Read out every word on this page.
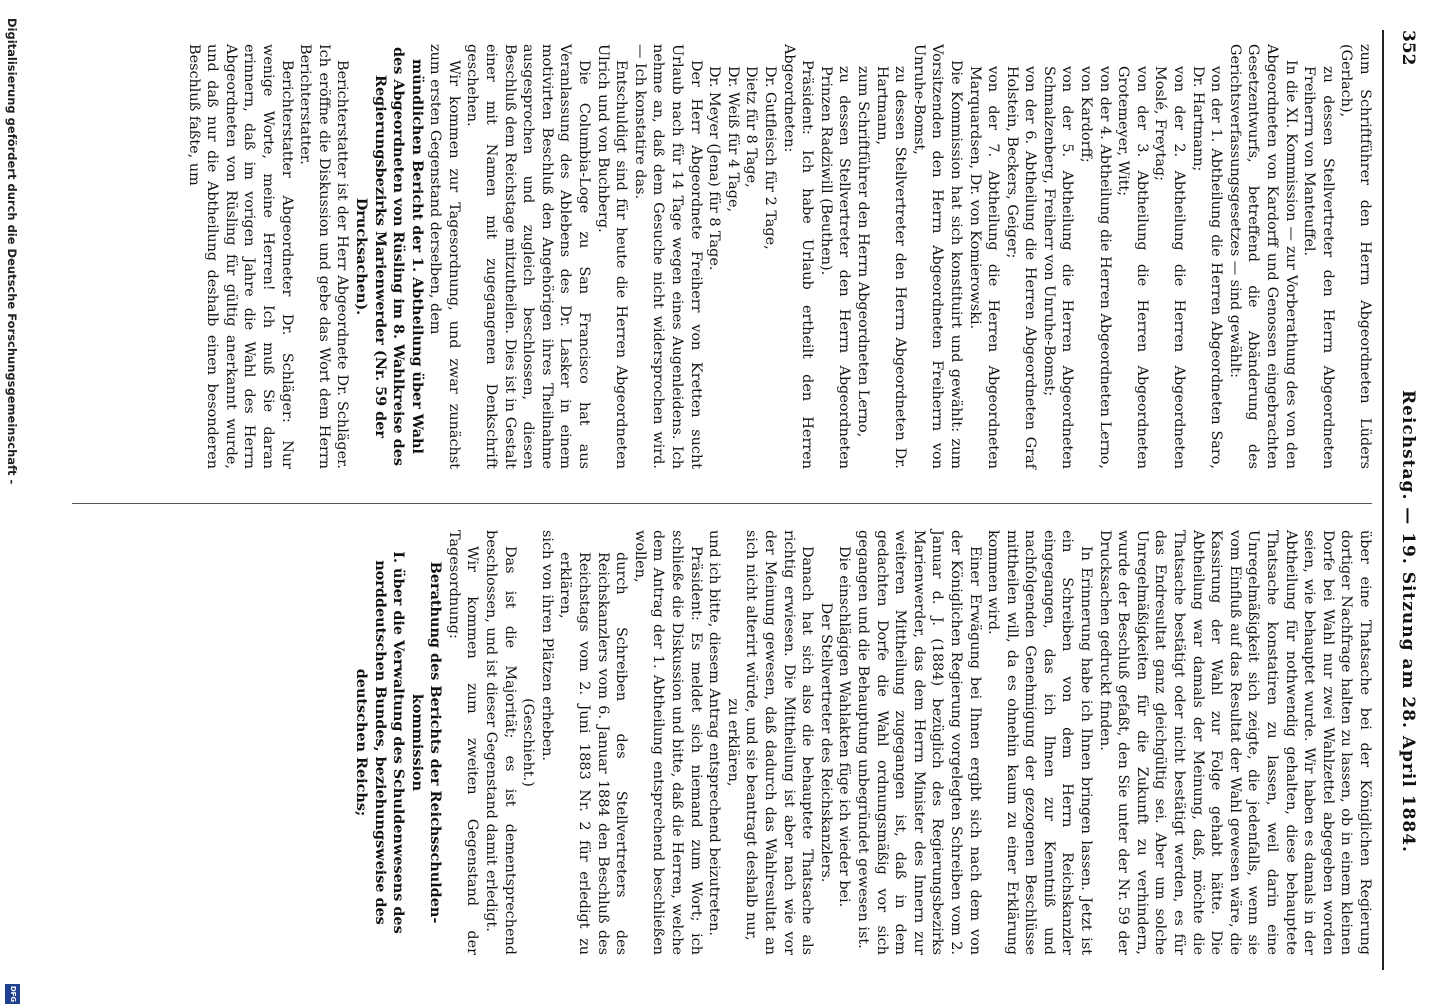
352
Reichstag. — 19. Sitzung am 28. April 1884.

zum Schriftführer den Herrn Abgeordneten Lüders (Gerlach),

zu dessen Stellvertreter den Herrn Abgeordneten Freiherrn von Manteuffel.

In die XI. Kommission — zur Vorberathung des von den Abgeordneten von Kardorff und Genossen eingebrachten Gesetzentwurfs, betreffend die Abänderung des Gerichtsverfassungsgesetzes — sind gewählt:

von der 1. Abtheilung die Herren Abgeordneten Saro, Dr. Hartmann;

von der 2. Abtheilung die Herren Abgeordneten Moslé, Freytag;

von der 3. Abtheilung die Herren Abgeordneten Grotemeyer, Witt;

von der 4. Abtheilung die Herren Abgeordneten Lerno, von Kardorff;

von der 5. Abtheilung die Herren Abgeordneten Schmalzenberg, Freiherr von Unruhe-Bomst;

von der 6. Abtheilung die Herren Abgeordneten Graf Holstein, Beckers, Geiger;

von der 7. Abtheilung die Herren Abgeordneten Marquardsen, Dr. von Komierowski.

Die Kommission hat sich konstituirt und gewählt: zum Vorsitzenden den Herrn Abgeordneten Freiherrn von Unruhe-Bomst,

zu dessen Stellvertreter den Herrn Abgeordneten Dr. Hartmann,

zum Schriftführer den Herrn Abgeordneten Lerno,

zu dessen Stellvertreter den Herrn Abgeordneten Prinzen Radziwill (Beuthen).

Präsident: Ich habe Urlaub ertheilt den Herren Abgeordneten:

Dr. Gutfleisch für 2 Tage,

Dietz für 8 Tage,

Dr. Weiß für 4 Tage,

Dr. Meyer (Jena) für 8 Tage.

Der Herr Abgeordnete Freiherr von Kretten sucht Urlaub nach für 14 Tage wegen eines Augenleidens. Ich nehme an, daß dem Gesuche nicht widersprochen wird. — Ich konstatire das.

Entschuldigt sind für heute die Herren Abgeordneten Ulrich und von Buchberg.

Die Columbia-Loge zu San Francisco hat aus Veranlassung des Ablebens des Dr. Lasker in einem motivirten Beschluß den Angehörigen ihres Theilnahme ausgesprochen und zugleich beschlossen, diesen Beschluß dem Reichstage mitzutheilen. Dies ist in Gestalt einer mit Namen mit zugegangenen Denkschrift geschehen.

Wir kommen zur Tagesordnung, und zwar zunächst zum ersten Gegenstand derselben, dem

mündlichen Bericht der 1. Abtheilung über Wahl des Abgeordneten von Rüsling im 8. Wahlkreise des Regierungsbezirks Marienwerder (Nr. 59 der Drucksachen).

Berichterstatter ist der Herr Abgeordnete Dr. Schläger. Ich eröffne die Diskussion und gebe das Wort dem Herrn Berichterstatter.

Berichterstatter Abgeordneter Dr. Schläger: Nur wenige Worte, meine Herren! Ich muß Sie daran erinnern, daß im vorigen Jahre die Wahl des Herrn Abgeordneten von Rüsling für gültig anerkannt wurde, und daß nur die Abtheilung deshalb einen besonderen Beschluß faßte, um

über eine Thatsache bei der Königlichen Regierung dortiger Nachfrage halten zu lassen, ob in einem kleinen Dorfe bei Wahl nur zwei Wahlzettel abgegeben worden seien, wie behauptet wurde. Wir haben es damals in der Abtheilung für nothwendig gehalten, diese behauptete Thatsache konstatiren zu lassen, weil darin eine Unregelmäßigkeit sich zeigte, die jedenfalls, wenn sie vom Einfluß auf das Resultat der Wahl gewesen wäre, die Kassirung der Wahl zur Folge gehabt hätte. Die Abtheilung war damals der Meinung, daß, möchte die Thatsache bestätigt oder nicht bestätigt werden, es für das Endresultat ganz gleichgültig sei. Aber um solche Unregelmäßigkeiten für die Zukunft zu verhindern, wurde der Beschluß gefaßt, den Sie unter der Nr. 59 der Drucksachen gedruckt finden.

In Erinnerung habe ich Ihnen bringen lassen. Jetzt ist ein Schreiben von dem Herrn Reichskanzler eingegangen, das ich Ihnen zur Kenntniß und nachfolgenden Genehmigung der gezogenen Beschlüsse mittheilen will, da es ohnehin kaum zu einer Erklärung kommen wird.

Einer Erwägung bei Ihnen ergibt sich nach dem von der Königlichen Regierung vorgelegten Schreiben vom 2. Januar d. J. (1884) bezüglich des Regierungsbezirks Marienwerder, das dem Herrn Minister des Innern zur weiteren Mittheilung zugegangen ist, daß in dem gedachten Dorfe die Wahl ordnungsmäßig vor sich gegangen und die Behauptung unbegründet gewesen ist.

Die einschlägigen Wahlakten füge ich wieder bei.

Der Stellvertreter des Reichskanzlers.

Danach hat sich also die behauptete Thatsache als richtig erwiesen. Die Mittheilung ist aber nach wie vor der Meinung gewesen, daß dadurch das Wahlresultat an sich nicht alterirt würde, und sie beantragt deshalb nur,

zu erklären,

und ich bitte, diesem Antrag entsprechend beizutreten.

Präsident: Es meldet sich niemand zum Wort; ich schließe die Diskussion und bitte, daß die Herren, welche dem Antrag der 1. Abtheilung entsprechend beschließen wollen,

durch Schreiben des Stellvertreters des Reichskanzlers vom 6. Januar 1884 den Beschluß des Reichstags vom 2. Juni 1883 Nr. 2 für erledigt zu erklären,

sich von ihren Plätzen erheben.

(Geschieht.)

Das ist die Majorität; es ist dementsprechend beschlossen, und ist dieser Gegenstand damit erledigt.

Wir kommen zum zweiten Gegenstand der Tagesordnung:

Berathung des Berichts der Reichsschulden-kommission

I. über die Verwaltung des Schuldenwesens des norddeutschen Bundes, beziehungsweise des deutschen Reichs;

Digitalisierung gefördert durch die Deutsche Forschungsgemeinschaft -
DFG
